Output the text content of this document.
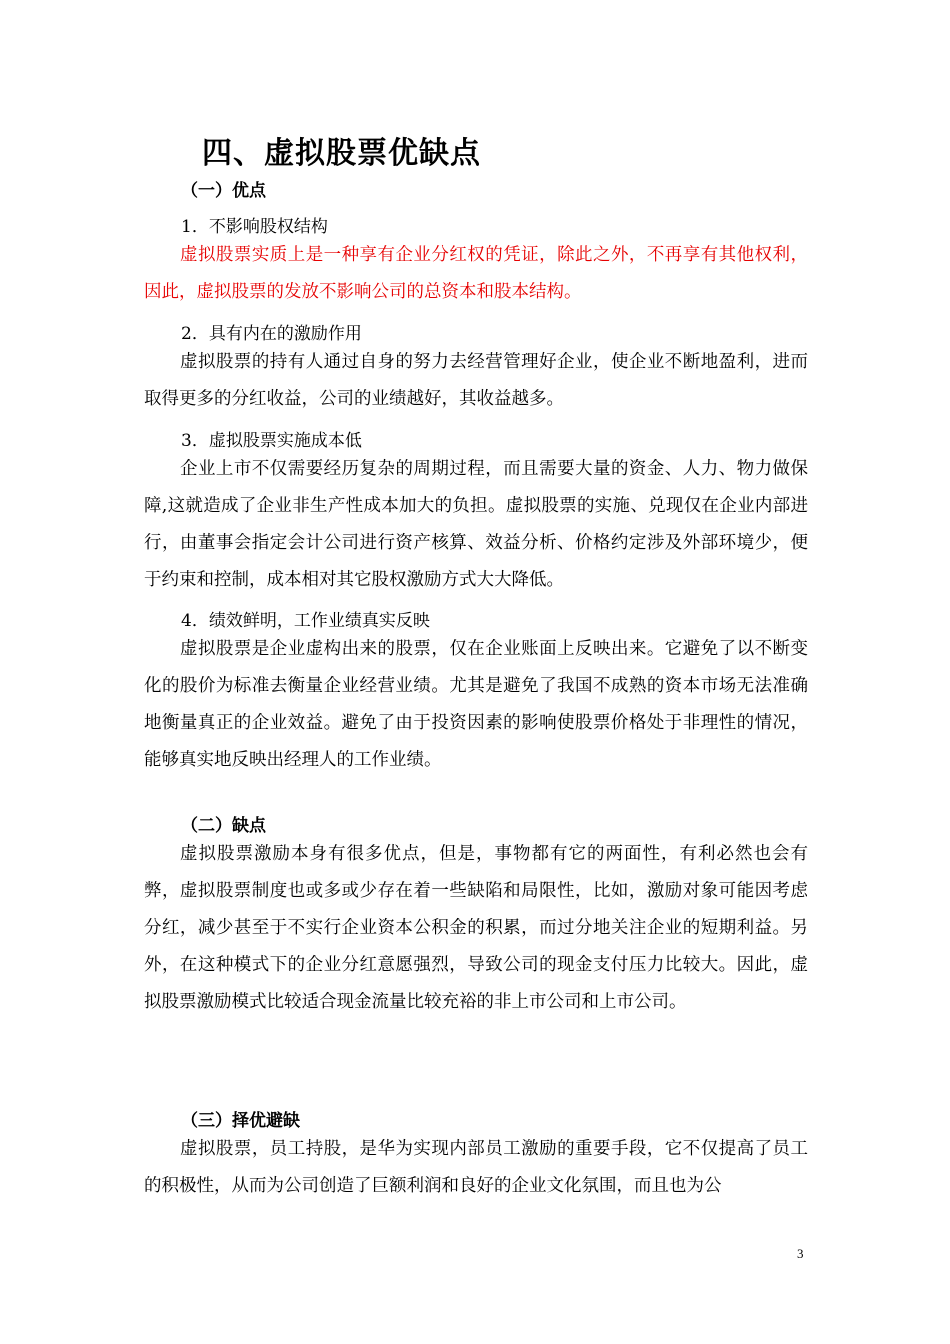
四、虚拟股票优缺点
（一）优点
1．不影响股权结构

虚拟股票实质上是一种享有企业分红权的凭证，除此之外，不再享有其他权利，因此，虚拟股票的发放不影响公司的总资本和股本结构。

2．具有内在的激励作用

虚拟股票的持有人通过自身的努力去经营管理好企业，使企业不断地盈利，进而取得更多的分红收益，公司的业绩越好，其收益越多。

3．虚拟股票实施成本低

企业上市不仅需要经历复杂的周期过程，而且需要大量的资金、人力、物力做保障,这就造成了企业非生产性成本加大的负担。虚拟股票的实施、兑现仅在企业内部进行，由董事会指定会计公司进行资产核算、效益分析、价格约定涉及外部环境少，便于约束和控制，成本相对其它股权激励方式大大降低。

4．绩效鲜明，工作业绩真实反映

虚拟股票是企业虚构出来的股票，仅在企业账面上反映出来。它避免了以不断变化的股价为标准去衡量企业经营业绩。尤其是避免了我国不成熟的资本市场无法准确地衡量真正的企业效益。避免了由于投资因素的影响使股票价格处于非理性的情况，能够真实地反映出经理人的工作业绩。

（二）缺点

虚拟股票激励本身有很多优点，但是，事物都有它的两面性，有利必然也会有弊，虚拟股票制度也或多或少存在着一些缺陷和局限性，比如，激励对象可能因考虑分红，减少甚至于不实行企业资本公积金的积累，而过分地关注企业的短期利益。另外，在这种模式下的企业分红意愿强烈，导致公司的现金支付压力比较大。因此，虚拟股票激励模式比较适合现金流量比较充裕的非上市公司和上市公司。

（三）择优避缺

虚拟股票，员工持股，是华为实现内部员工激励的重要手段，它不仅提高了员工的积极性，从而为公司创造了巨额利润和良好的企业文化氛围，而且也为公

3
